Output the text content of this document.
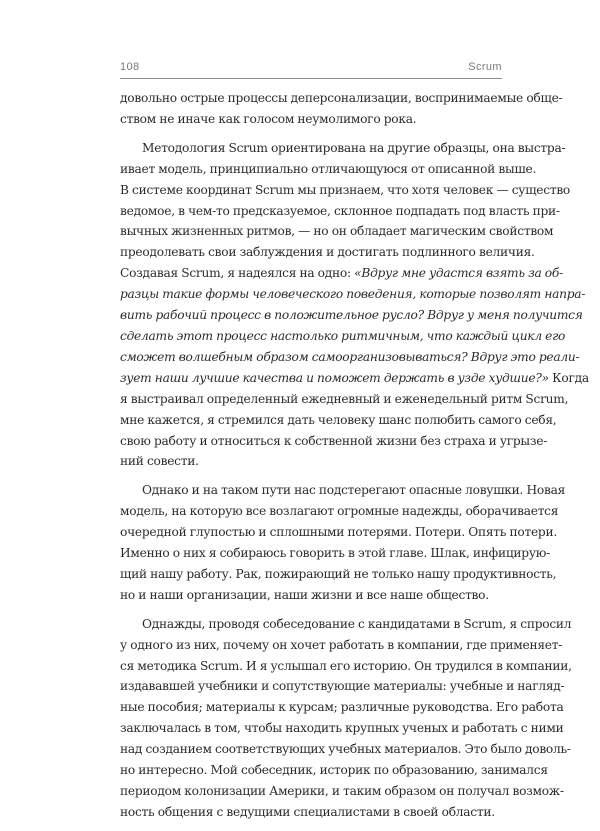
108	Scrum
довольно острые процессы деперсонализации, воспринимаемые обще-
ством не иначе как голосом неумолимого рока.
Методология Scrum ориентирована на другие образцы, она выстра-
ивает модель, принципиально отличающуюся от описанной выше.
В системе координат Scrum мы признаем, что хотя человек — существо
ведомое, в чем-то предсказуемое, склонное подпадать под власть при-
вычных жизненных ритмов, — но он обладает магическим свойством
преодолевать свои заблуждения и достигать подлинного величия.
Создавая Scrum, я надеялся на одно: «Вдруг мне удастся взять за об-
разцы такие формы человеческого поведения, которые позволят напра-
вить рабочий процесс в положительное русло? Вдруг у меня получится
сделать этот процесс настолько ритмичным, что каждый цикл его
сможет волшебным образом самоорганизовываться? Вдруг это реали-
зует наши лучшие качества и поможет держать в узде худшие?» Когда
я выстраивал определенный ежедневный и еженедельный ритм Scrum,
мне кажется, я стремился дать человеку шанс полюбить самого себя,
свою работу и относиться к собственной жизни без страха и угрызе-
ний совести.
Однако и на таком пути нас подстерегают опасные ловушки. Новая
модель, на которую все возлагают огромные надежды, оборачивается
очередной глупостью и сплошными потерями. Потери. Опять потери.
Именно о них я собираюсь говорить в этой главе. Шлак, инфицирую-
щий нашу работу. Рак, пожирающий не только нашу продуктивность,
но и наши организации, наши жизни и все наше общество.
Однажды, проводя собеседование с кандидатами в Scrum, я спросил
у одного из них, почему он хочет работать в компании, где применяет-
ся методика Scrum. И я услышал его историю. Он трудился в компании,
издававшей учебники и сопутствующие материалы: учебные и нагляд-
ные пособия; материалы к курсам; различные руководства. Его работа
заключалась в том, чтобы находить крупных ученых и работать с ними
над созданием соответствующих учебных материалов. Это было доволь-
но интересно. Мой собеседник, историк по образованию, занимался
периодом колонизации Америки, и таким образом он получал возмож-
ность общения с ведущими специалистами в своей области.
